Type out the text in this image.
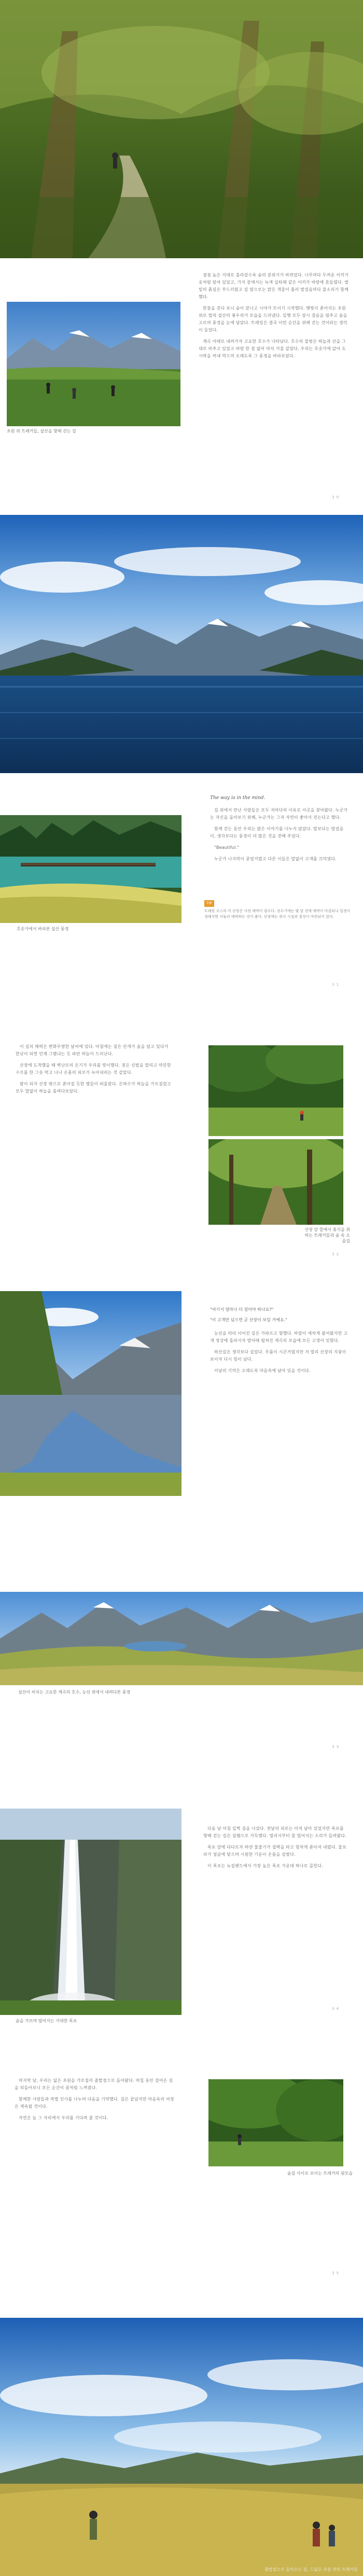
초원 위 트레커들, 설산을 향해 걷는 길

점점 높은 지대로 올라갈수록 숲의 분위기가 바뀌었다. 나무마다 두꺼운 이끼가 옷처럼 덮여 있었고, 가지 끝에서는 녹색 실타래 같은 이끼가 바람에 흔들렸다. 발밑의 흙길은 부드러웠고 길 옆으로는 맑은 개울이 흘러 발걸음마다 물소리가 함께했다.

한참을 걷다 보니 숲이 끝나고 시야가 트이기 시작했다. 햇빛이 쏟아지는 초원 위로 멀리 설산의 봉우리가 모습을 드러냈다. 일행 모두 잠시 걸음을 멈추고 숨을 고르며 풍경을 눈에 담았다. 트레킹은 결국 이런 순간을 위해 걷는 것이라는 생각이 들었다.

계곡 아래로 내려가자 고요한 호수가 나타났다. 호수의 물빛은 하늘과 산을 그대로 비추고 있었고 바람 한 점 없어 마치 거울 같았다. 우리는 호숫가에 앉아 도시락을 꺼내 먹으며 오래도록 그 풍경을 바라보았다.

3 0
호숫가에서 바라본 설산 풍경
The way is in the mind.

길 위에서 만난 사람들은 모두 저마다의 이유로 이곳을 찾아왔다. 누군가는 자신을 돌아보기 위해, 누군가는 그저 자연이 좋아서 걷는다고 했다.

함께 걷는 동안 우리는 많은 이야기를 나누지 않았다. 말보다는 발걸음이, 생각보다는 풍경이 더 많은 것을 전해 주었다.

"Beautiful."

누군가 나지막이 중얼거렸고 다른 이들은 말없이 고개를 끄덕였다.

TIP
트레킹 코스의 각 산장은 사전 예약이 필수다. 성수기에는 몇 달 전에 예약이 마감되니 일정이 정해지면 서둘러 예약하는 것이 좋다. 산장에는 취사 시설과 침상이 마련되어 있다.
3 1

이 길의 매력은 변화무쌍한 날씨에 있다. 아침에는 짙은 안개가 숲을 덮고 있다가 한낮이 되면 언제 그랬냐는 듯 파란 하늘이 드러난다.

산장에 도착했을 때 벽난로의 온기가 우리를 맞이했다. 젖은 신발을 말리고 따뜻한 수프를 한 그릇 먹고 나니 온몸의 피로가 녹아내리는 것 같았다.

밤이 되자 산장 밖으로 쏟아질 듯한 별들이 떠올랐다. 은하수가 하늘을 가로질렀고 모두 말없이 하늘을 올려다보았다.

산장 앞 뜰에서 휴식을 취하는 트레커들과 숲 속 오솔길
3 2
"여기서 얼마나 더 걸어야 하나요?"
"이 고개만 넘으면 곧 산장이 보일 거예요."

능선을 따라 이어진 길은 가파르고 험했다. 바람이 세차게 불어왔지만 고개 정상에 올라서자 발아래 펼쳐진 계곡의 모습에 모든 고생이 잊혔다.

하산길은 생각보다 길었다. 무릎이 시큰거렸지만 저 멀리 산장의 지붕이 보이자 다시 힘이 났다.

이날의 기억은 오래도록 마음속에 남아 있을 것이다.

설산이 비치는 고요한 계곡의 호수, 능선 위에서 내려다본 풍경
3 3
숲을 가르며 떨어지는 거대한 폭포

다음 날 아침 일찍 길을 나섰다. 전날의 피로는 아직 남아 있었지만 폭포를 향해 걷는 길은 설렘으로 가득했다. 멀리서부터 물 떨어지는 소리가 들려왔다.

폭포 앞에 다다르자 하얀 물줄기가 절벽을 타고 힘차게 쏟아져 내렸다. 물보라가 얼굴에 닿으며 시원한 기운이 온몸을 감쌌다.

이 폭포는 뉴질랜드에서 가장 높은 폭포 가운데 하나로 꼽힌다.

3 4

마지막 날, 우리는 넓은 초원을 가로질러 출발점으로 돌아왔다. 며칠 동안 걸어온 길을 되돌아보니 모든 순간이 꿈처럼 느껴졌다.

함께한 사람들과 작별 인사를 나누며 다음을 기약했다. 길은 끝났지만 마음속의 여정은 계속될 것이다.

자연은 늘 그 자리에서 우리를 기다려 줄 것이다.

숲길 사이로 보이는 트레커의 뒷모습
3 5
출발점으로 돌아오는 길, 드넓은 초원 위의 트레커들
